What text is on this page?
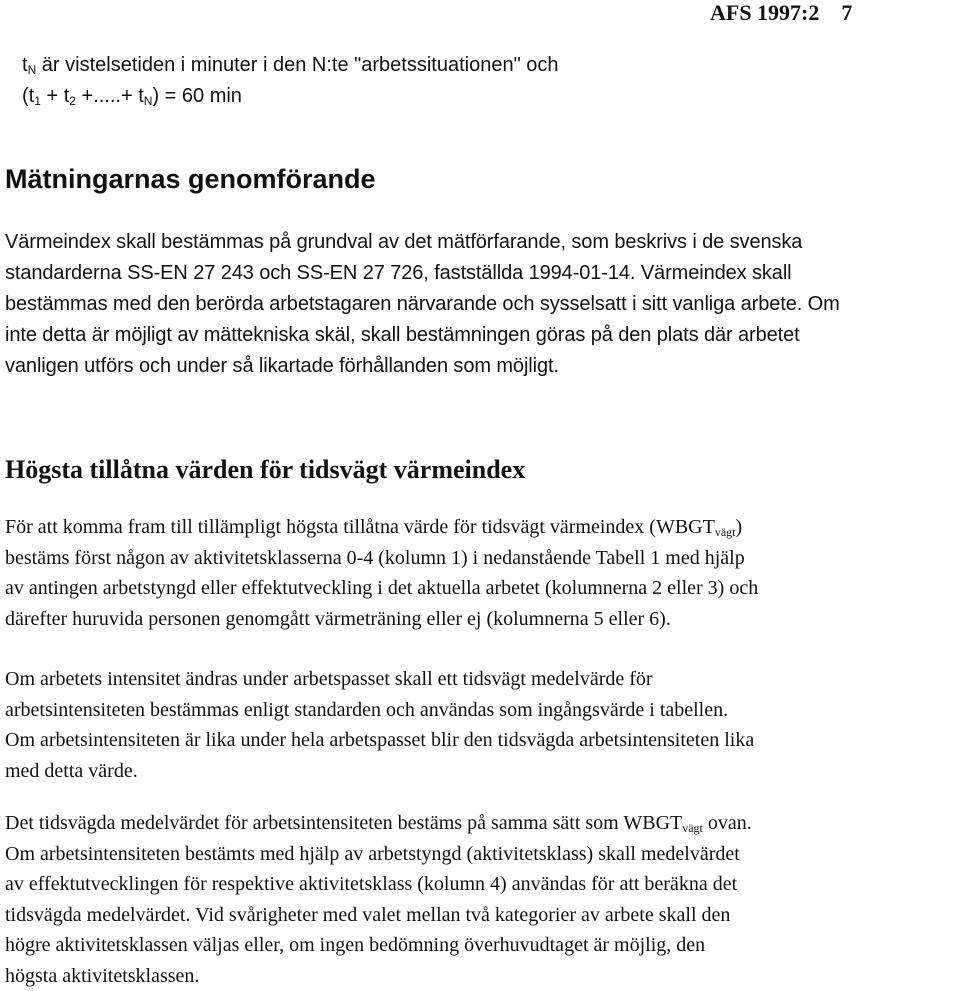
AFS 1997:2 7
$t_N$ är vistelsetiden i minuter i den N:te "arbetssituationen" och
($t_1 + t_2$ +.....+ $t_N) = 60$ min
Mätningarnas genomförande
Värmeindex skall bestämmas på grundval av det mätförfarande, som beskrivs i de svenska
standarderna SS-EN 27 243 och SS-EN 27 726, fastställda 1994-01-14. Värmeindex skall
bestämmas med den berörda arbetstagaren närvarande och sysselsatt i sitt vanliga arbete. Om
inte detta är möjligt av mättekniska skäl, skall bestämningen göras på den plats där arbetet
vanligen utförs och under så likartade förhållanden som möjligt.
Högsta tillåtna värden för tidsvägt värmeindex
För att komma fram till tillämpligt högsta tillåtna värde för tidsvägt värmeindex $(WBGT_{vägt})$
bestäms först någon av aktivitetsklasserna 0-4 (kolumn 1) i nedanstående Tabell 1 med hjälp
av antingen arbetstyngd eller effektutveckling i det aktuella arbetet (kolumnerna 2 eller 3) och
därefter huruvida personen genomgått värmeträning eller ej (kolumnerna 5 eller 6).
Om arbetets intensitet ändras under arbetspasset skall ett tidsvägt medelvärde för
arbetsintensiteten bestämmas enligt standarden och användas som ingångsvärde i tabellen.
Om arbetsintensiteten är lika under hela arbetspasset blir den tidsvägda arbetsintensiteten lika
med detta värde.
Det tidsvägda medelvärdet för arbetsintensiteten bestäms på samma sätt som $WBGT_{vägt}$ ovan.
Om arbetsintensiteten bestämts med hjälp av arbetstyngd (aktivitetsklass) skall medelvärdet
av effektutvecklingen för respektive aktivitetsklass (kolumn 4) användas för att beräkna det
tidsvägda medelvärdet. Vid svårigheter med valet mellan två kategorier av arbete skall den
högre aktivitetsklassen väljas eller, om ingen bedömning överhuvudtaget är möjlig, den
högsta aktivitetsklassen.
